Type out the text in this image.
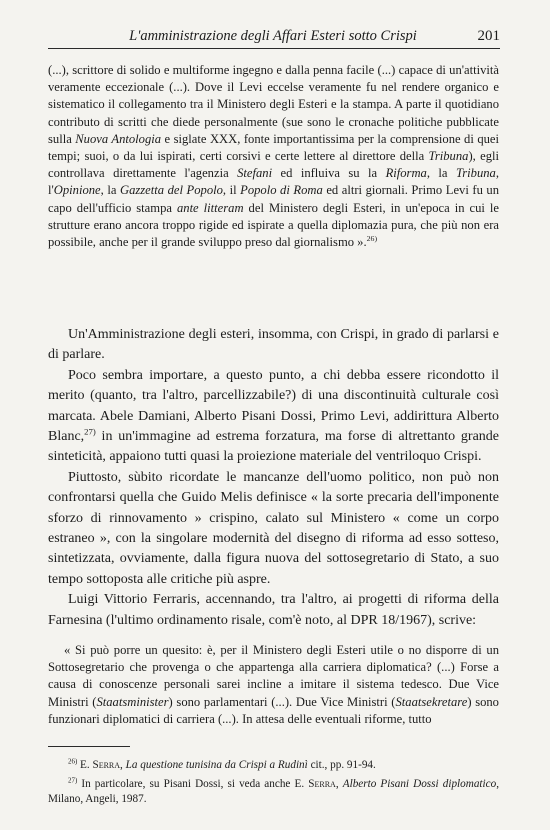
L'amministrazione degli Affari Esteri sotto Crispi	201

(...), scrittore di solido e multiforme ingegno e dalla penna facile (...) capace di un'attività veramente eccezionale (...). Dove il Levi eccelse veramente fu nel rendere organico e sistematico il collegamento tra il Ministero degli Esteri e la stampa. A parte il quotidiano contributo di scritti che diede personalmente (sue sono le cronache politiche pubblicate sulla Nuova Antologia e siglate XXX, fonte importantissima per la comprensione di quei tempi; suoi, o da lui ispirati, certi corsivi e certe lettere al direttore della Tribuna), egli controllava direttamente l'agenzia Stefani ed influiva su la Riforma, la Tribuna, l'Opinione, la Gazzetta del Popolo, il Popolo di Roma ed altri giornali. Primo Levi fu un capo dell'ufficio stampa ante litteram del Ministero degli Esteri, in un'epoca in cui le strutture erano ancora troppo rigide ed ispirate a quella diplomazia pura, che più non era possibile, anche per il grande sviluppo preso dal giornalismo ».$^{26)}$

Un'Amministrazione degli esteri, insomma, con Crispi, in grado di parlarsi e di parlare.

Poco sembra importare, a questo punto, a chi debba essere ricondotto il merito (quanto, tra l'altro, parcellizzabile?) di una discontinuità culturale così marcata. Abele Damiani, Alberto Pisani Dossi, Primo Levi, addirittura Alberto Blanc,$^{27)}$ in un'immagine ad estrema forzatura, ma forse di altrettanto grande sinteticità, appaiono tutti quasi la proiezione materiale del ventriloquo Crispi.

Piuttosto, sùbito ricordate le mancanze dell'uomo politico, non può non confrontarsi quella che Guido Melis definisce « la sorte precaria dell'imponente sforzo di rinnovamento » crispino, calato sul Ministero « come un corpo estraneo », con la singolare modernità del disegno di riforma ad esso sotteso, sintetizzata, ovviamente, dalla figura nuova del sottosegretario di Stato, a suo tempo sottoposta alle critiche più aspre.

Luigi Vittorio Ferraris, accennando, tra l'altro, ai progetti di riforma della Farnesina (l'ultimo ordinamento risale, com'è noto, al DPR 18/1967), scrive:

« Si può porre un quesito: è, per il Ministero degli Esteri utile o no disporre di un Sottosegretario che provenga o che appartenga alla carriera diplomatica? (...) Forse a causa di conoscenze personali sarei incline a imitare il sistema tedesco. Due Vice Ministri (Staatsminister) sono parlamentari (...). Due Vice Ministri (Staatsekretare) sono funzionari diplomatici di carriera (...). In attesa delle eventuali riforme, tutto

$^{26)}$ E. Serra, La questione tunisina da Crispi a Rudinì cit., pp. 91-94.

$^{27)}$ In particolare, su Pisani Dossi, si veda anche E. Serra, Alberto Pisani Dossi diplomatico, Milano, Angeli, 1987.
